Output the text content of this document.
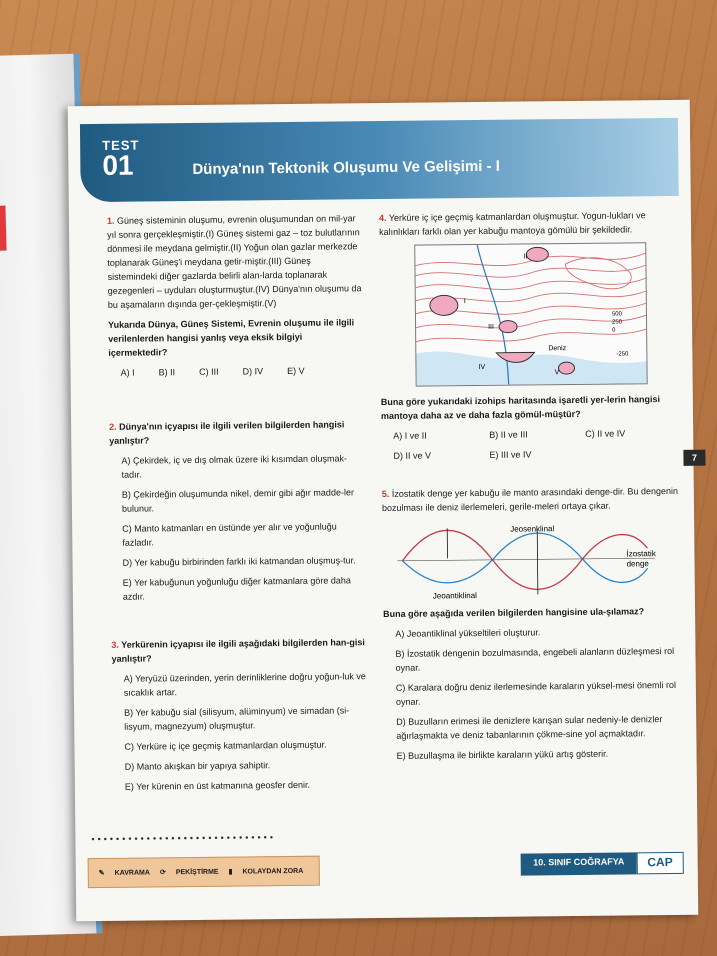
TEST
01	Dünya'nın Tektonik Oluşumu Ve Gelişimi - I
1. Güneş sisteminin oluşumu, evrenin oluşumundan on mil-yar yıl sonra gerçekleşmiştir.(I) Güneş sistemi gaz – toz bulutlarının dönmesi ile meydana gelmiştir.(II) Yoğun olan gazlar merkezde toplanarak Güneş'i meydana getir-miştir.(III) Güneş sistemindeki diğer gazlarda belirli alan-larda toplanarak gezegenleri – uyduları oluşturmuştur.(IV) Dünya'nın oluşumu da bu aşamaların dışında ger-çekleşmiştir.(V)
Yukarıda Dünya, Güneş Sistemi, Evrenin oluşumu ile ilgili verilenlerden hangisi yanlış veya eksik bilgiyi içermektedir?
A) I	B) II	C) III	D) IV	E) V
2. Dünya'nın içyapısı ile ilgili verilen bilgilerden hangisi yanlıştır?
A) Çekirdek, iç ve dış olmak üzere iki kısımdan oluşmak-tadır.
B) Çekirdeğin oluşumunda nikel, demir gibi ağır madde-ler bulunur.
C) Manto katmanları en üstünde yer alır ve yoğunluğu fazladır.
D) Yer kabuğu birbirinden farklı iki katmandan oluşmuş-tur.
E) Yer kabuğunun yoğunluğu diğer katmanlara göre daha azdır.
3. Yerkürenin içyapısı ile ilgili aşağıdaki bilgilerden han-gisi yanlıştır?
A) Yeryüzü üzerinden, yerin derinliklerine doğru yoğun-luk ve sıcaklık artar.
B) Yer kabuğu sial (silisyum, alüminyum) ve simadan (si-lisyum, magnezyum) oluşmuştur.
C) Yerküre iç içe geçmiş katmanlardan oluşmuştur.
D) Manto akışkan bir yapıya sahiptir.
E) Yer kürenin en üst katmanına geosfer denir.
4. Yerküre iç içe geçmiş katmanlardan oluşmuştur. Yogun-lukları ve kalınlıkları farklı olan yer kabuğu mantoya gömülü bir şekildedir.
II
I
III
IV
V
Deniz
500
250
0
-250
Buna göre yukarıdaki izohips haritasında işaretli yer-lerin hangisi mantoya daha az ve daha fazla gömül-müştür?
A) I ve II	B) II ve III	C) II ve IV
D) II ve V	E) III ve IV
5. İzostatik denge yer kabuğu ile manto arasındaki denge-dir. Bu dengenin bozulması ile deniz ilerlemeleri, gerile-meleri ortaya çıkar.
Jeosenklinal
İzostatik
denge
Jeoantiklinal
Buna göre aşağıda verilen bilgilerden hangisine ula-şılamaz?
A) Jeoantiklinal yükseltileri oluşturur.
B) İzostatik dengenin bozulmasında, engebeli alanların düzleşmesi rol oynar.
C) Karalara doğru deniz ilerlemesinde karaların yüksel-mesi önemli rol oynar.
D) Buzulların erimesi ile denizlere karışan sular nedeniy-le denizler ağırlaşmakta ve deniz tabanlarının çökme-sine yol açmaktadır.
E) Buzullaşma ile birlikte karaların yükü artış gösterir.
••••••••••••••••••••••••••••••
✎ KAVRAMA ⟳ PEKİŞTİRME ▮ KOLAYDAN ZORA
10. SINIF COĞRAFYA	CAP
7
